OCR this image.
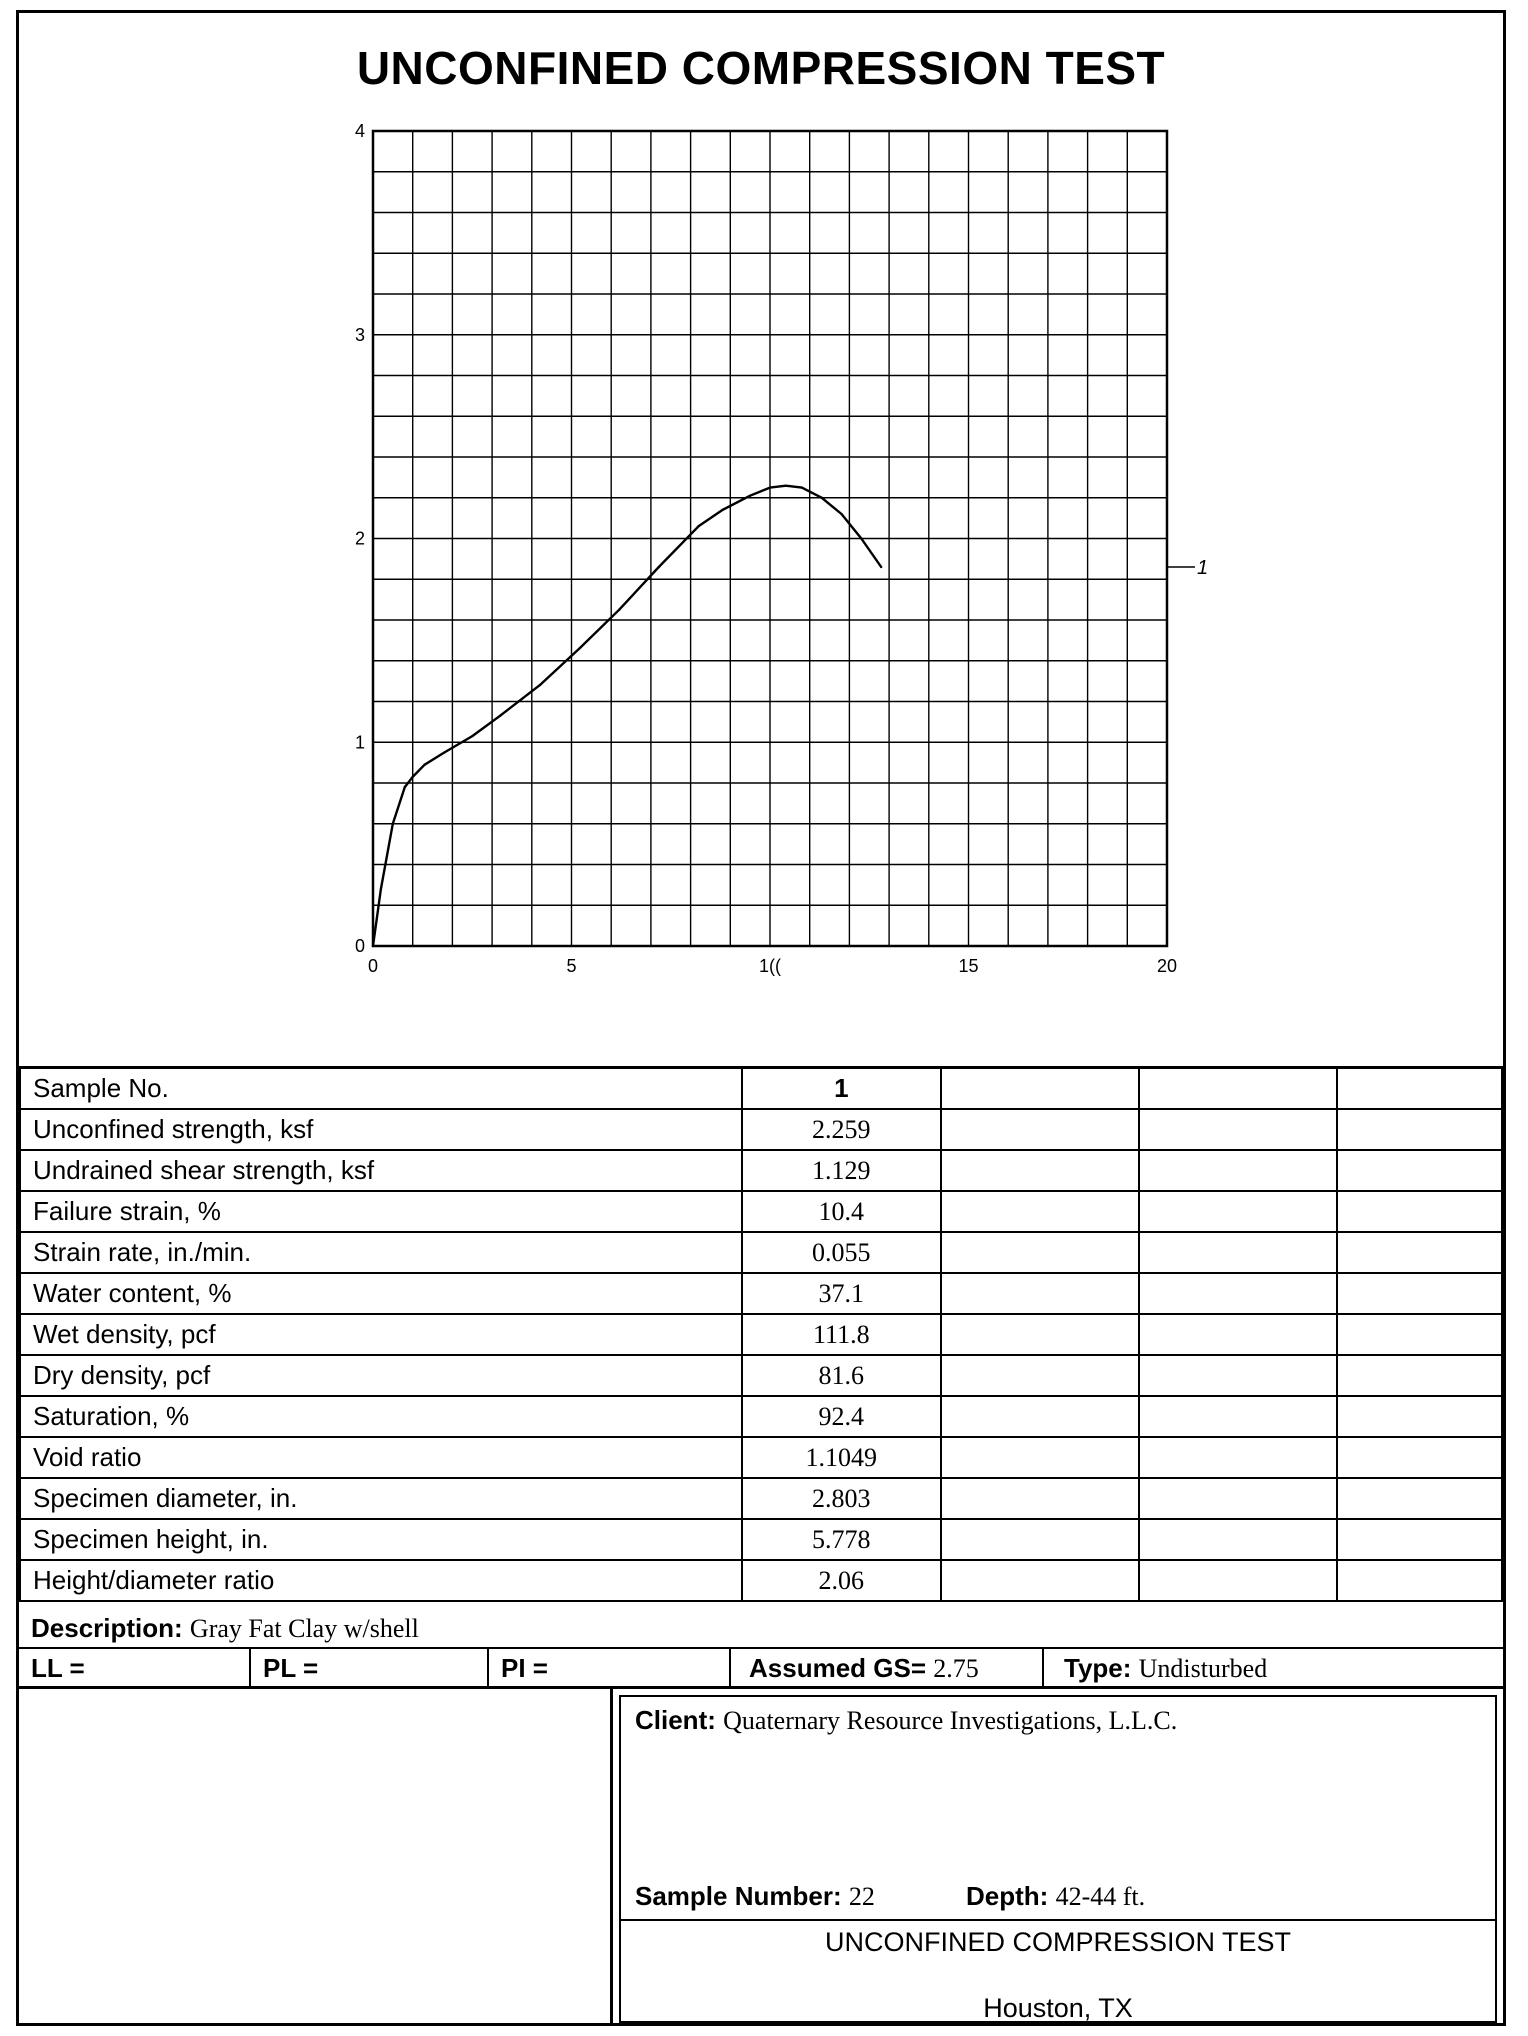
UNCONFINED COMPRESSION TEST
0	5	1((	15	20
0
1
2
3
4
1
Sample No.	1			
Unconfined strength, ksf	2.259			
Undrained shear strength, ksf	1.129			
Failure strain, %	10.4			
Strain rate, in./min.	0.055			
Water content, %	37.1			
Wet density, pcf	111.8			
Dry density, pcf	81.6			
Saturation, %	92.4			
Void ratio	1.1049			
Specimen diameter, in.	2.803			
Specimen height, in.	5.778			
Height/diameter ratio	2.06			
Description: Gray Fat Clay w/shell
LL =	PL =	PI =	Assumed GS= 2.75	Type: Undisturbed
Client: Quaternary Resource Investigations, L.L.C.
Sample Number: 22	Depth: 42-44 ft.
UNCONFINED COMPRESSION TEST
Houston, TX
